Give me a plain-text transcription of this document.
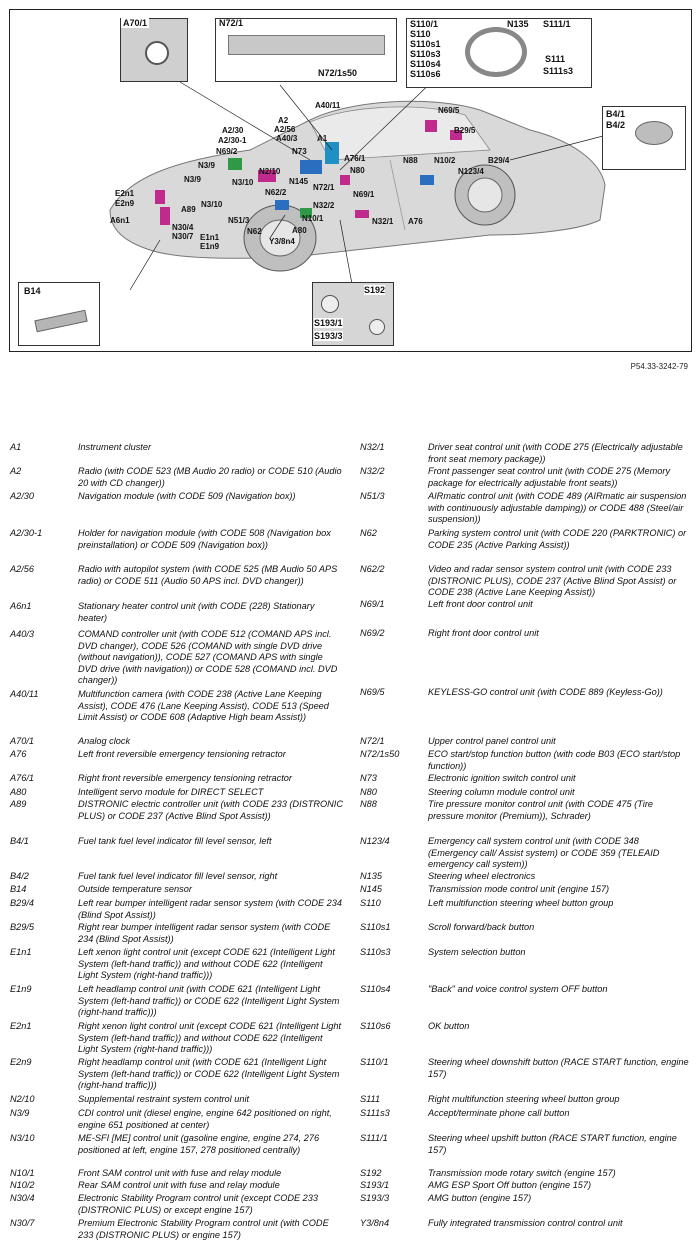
A70/1	N72/1
N72/1s50
S110/1	N135 S111/1
S110
S110s1
S110s3
S110s4
S110s6
S111
S111s3
B4/1
B4/2
B14	S192
S193/1
S193/3
A40/11
N69/5
A2
A2/30	A2/56	B29/5
A2/30-1	A40/3 A1
N69/2	N73
A76/1	N88 N10/2	B29/4
N3/9
N2/10	N80	N123/4
N3/9	N3/10	N145
N72/1
E2n1	N62/2	N69/1
E2n9	N3/10	N32/2
A89
N10/1
A6n1	N51/3	N32/1 A76
N30/4	N62	A80
N30/7 E1n1	Y3/8n4
E1n9
P54.33-3242-79
A1	Instrument cluster
A2	Radio (with CODE 523 (MB Audio 20 radio) or CODE 510 (Audio 20 with CD changer))
A2/30	Navigation module (with CODE 509 (Navigation box))
A2/30-1	Holder for navigation module (with CODE 508 (Navigation box preinstallation) or CODE 509 (Navigation box))
A2/56	Radio with autopilot system (with CODE 525 (MB Audio 50 APS radio) or CODE 511 (Audio 50 APS incl. DVD changer))
A6n1	Stationary heater control unit (with CODE (228) Stationary heater)
A40/3	COMAND controller unit (with CODE 512 (COMAND APS incl. DVD changer), CODE 526 (COMAND with single DVD drive (without navigation)), CODE 527 (COMAND APS with single DVD drive (with navigation)) or CODE 528 (COMAND incl. DVD changer))
A40/11	Multifunction camera (with CODE 238 (Active Lane Keeping Assist), CODE 476 (Lane Keeping Assist), CODE 513 (Speed Limit Assist) or CODE 608 (Adaptive High beam Assist))
A70/1	Analog clock
A76	Left front reversible emergency tensioning retractor
A76/1	Right front reversible emergency tensioning retractor
A80	Intelligent servo module for DIRECT SELECT
A89	DISTRONIC electric controller unit (with CODE 233 (DISTRONIC PLUS) or CODE 237 (Active Blind Spot Assist))
B4/1	Fuel tank fuel level indicator fill level sensor, left
B4/2	Fuel tank fuel level indicator fill level sensor, right
B14	Outside temperature sensor
B29/4	Left rear bumper intelligent radar sensor system (with CODE 234 (Blind Spot Assist))
B29/5	Right rear bumper intelligent radar sensor system (with CODE 234 (Blind Spot Assist))
E1n1	Left xenon light control unit (except CODE 621 (Intelligent Light System (left-hand traffic)) and without CODE 622 (Intelligent Light System (right-hand traffic)))
E1n9	Left headlamp control unit (with CODE 621 (Intelligent Light System (left-hand traffic)) or CODE 622 (Intelligent Light System (right-hand traffic)))
E2n1	Right xenon light control unit (except CODE 621 (Intelligent Light System (left-hand traffic)) and without CODE 622 (Intelligent Light System (right-hand traffic)))
E2n9	Right headlamp control unit (with CODE 621 (Intelligent Light System (left-hand traffic)) or CODE 622 (Intelligent Light System (right-hand traffic)))
N2/10	Supplemental restraint system control unit
N3/9	CDI control unit (diesel engine, engine 642 positioned on right, engine 651 positioned at center)
N3/10	ME-SFI [ME] control unit (gasoline engine, engine 274, 276 positioned at left, engine 157, 278 positioned centrally)
N10/1	Front SAM control unit with fuse and relay module
N10/2	Rear SAM control unit with fuse and relay module
N30/4	Electronic Stability Program control unit (except CODE 233 (DISTRONIC PLUS) or except engine 157)
N30/7	Premium Electronic Stability Program control unit (with CODE 233 (DISTRONIC PLUS) or engine 157)
N32/1	Driver seat control unit (with CODE 275 (Electrically adjustable front seat memory package))
N32/2	Front passenger seat control unit (with CODE 275 (Memory package for electrically adjustable front seats))
N51/3	AIRmatic control unit (with CODE 489 (AIRmatic air suspension with continuously adjustable damping)) or CODE 488 (Steel/air suspension))
N62	Parking system control unit (with CODE 220 (PARKTRONIC) or CODE 235 (Active Parking Assist))
N62/2	Video and radar sensor system control unit (with CODE 233 (DISTRONIC PLUS), CODE 237 (Active Blind Spot Assist) or CODE 238 (Active Lane Keeping Assist))
N69/1	Left front door control unit
N69/2	Right front door control unit
N69/5	KEYLESS-GO control unit (with CODE 889 (Keyless-Go))
N72/1	Upper control panel control unit
N72/1s50	ECO start/stop function button (with code B03 (ECO start/stop function))
N73	Electronic ignition switch control unit
N80	Steering column module control unit
N88	Tire pressure monitor control unit (with CODE 475 (Tire pressure monitor (Premium)), Schrader)
N123/4	Emergency call system control unit (with CODE 348 (Emergency call/ Assist system) or CODE 359 (TELEAID emergency call system))
N135	Steering wheel electronics
N145	Transmission mode control unit (engine 157)
S110	Left multifunction steering wheel button group
S110s1	Scroll forward/back button
S110s3	System selection button
S110s4	"Back" and voice control system OFF button
S110s6	OK button
S110/1	Steering wheel downshift button (RACE START function, engine 157)
S111	Right multifunction steering wheel button group
S111s3	Accept/terminate phone call button
S111/1	Steering wheel upshift button (RACE START function, engine 157)
S192	Transmission mode rotary switch (engine 157)
S193/1	AMG ESP Sport Off button (engine 157)
S193/3	AMG button (engine 157)
Y3/8n4	Fully integrated transmission control control unit
